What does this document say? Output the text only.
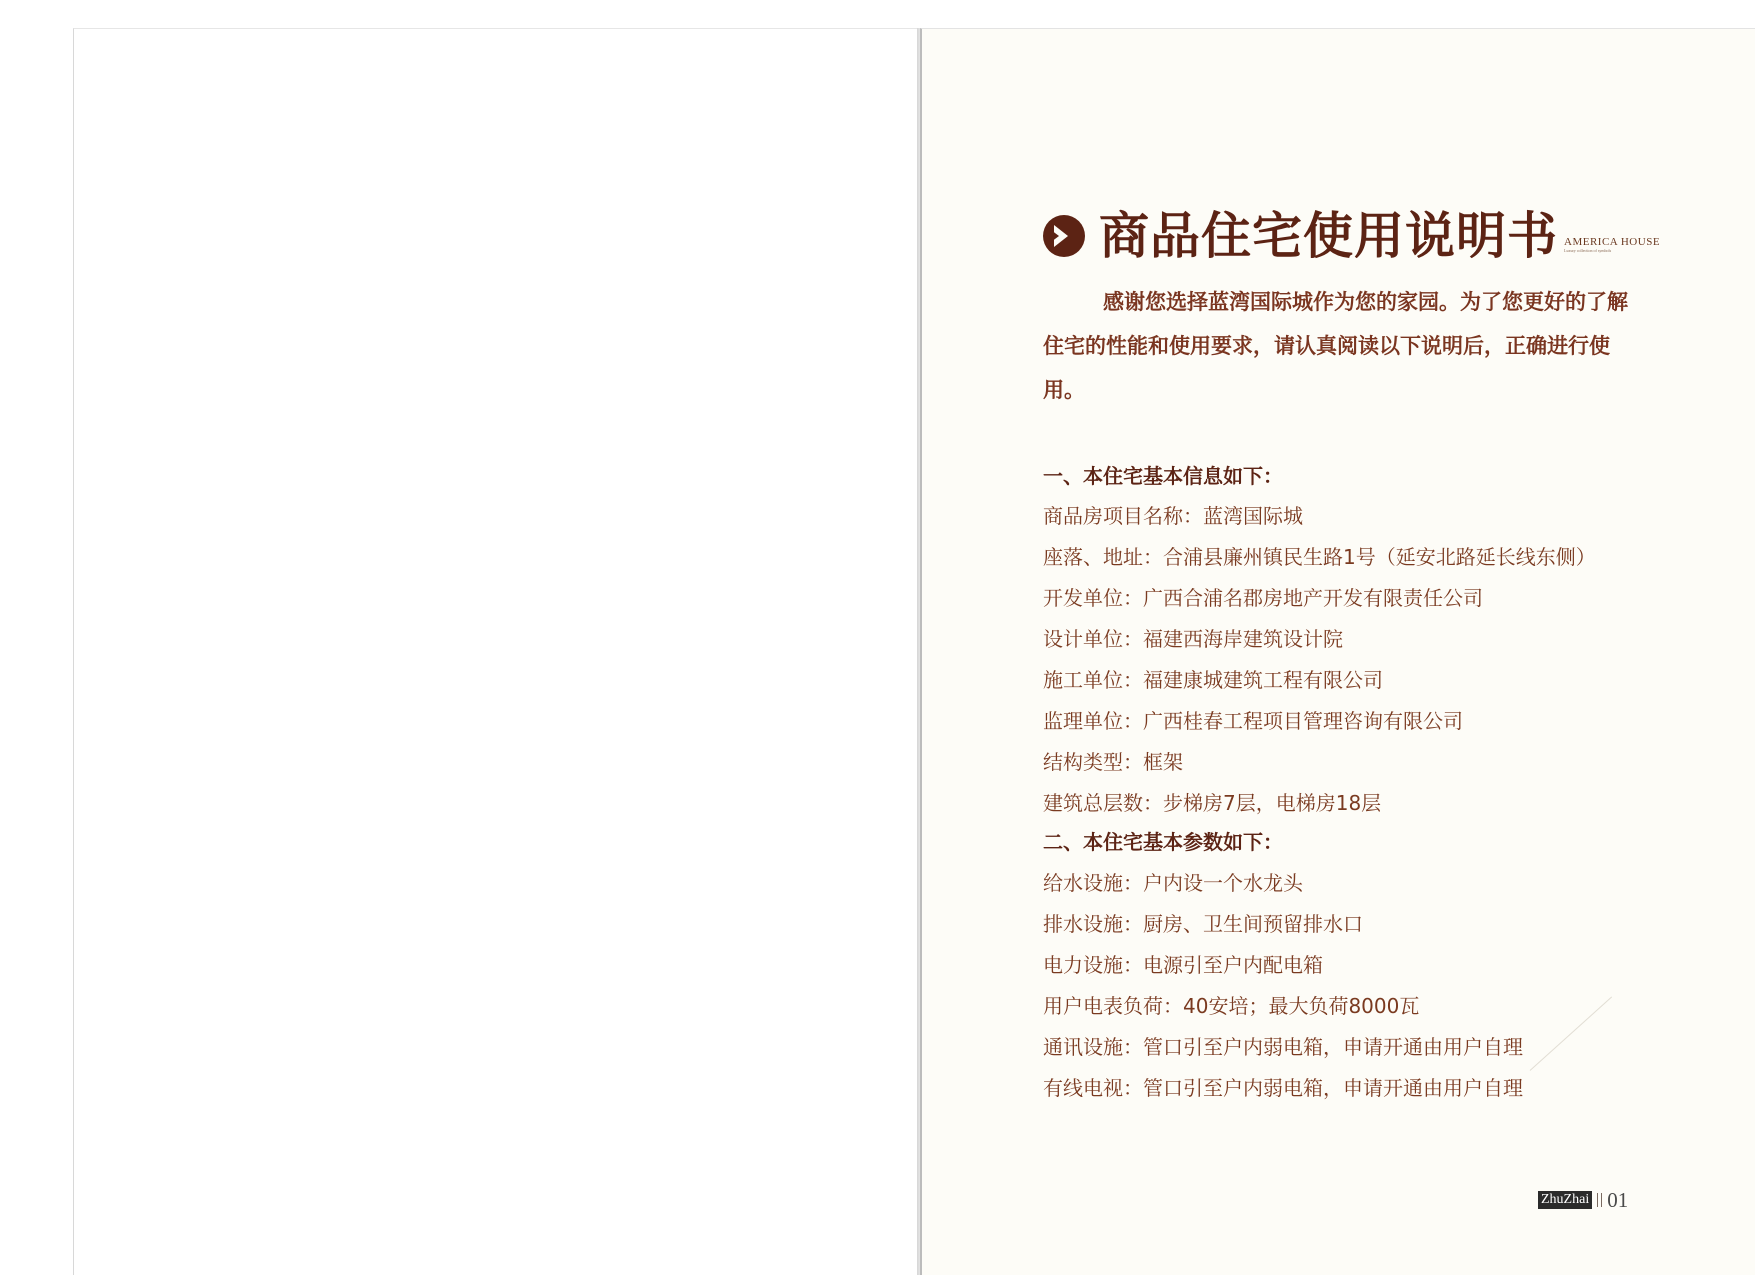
商品住宅使用说明书 AMERICA HOUSE
Luxury collection of symbols

感谢您选择蓝湾国际城作为您的家园。为了您更好的了解住宅的性能和使用要求，请认真阅读以下说明后，正确进行使用。

一、本住宅基本信息如下：

商品房项目名称：蓝湾国际城

座落、地址：合浦县廉州镇民生路1号（延安北路延长线东侧）

开发单位：广西合浦名郡房地产开发有限责任公司

设计单位：福建西海岸建筑设计院

施工单位：福建康城建筑工程有限公司

监理单位：广西桂春工程项目管理咨询有限公司

结构类型：框架

建筑总层数：步梯房7层，电梯房18层

二、本住宅基本参数如下：

给水设施：户内设一个水龙头

排水设施：厨房、卫生间预留排水口

电力设施：电源引至户内配电箱

用户电表负荷：40安培；最大负荷8000瓦

通讯设施：管口引至户内弱电箱，申请开通由用户自理

有线电视：管口引至户内弱电箱，申请开通由用户自理

ZhuZhai 01
